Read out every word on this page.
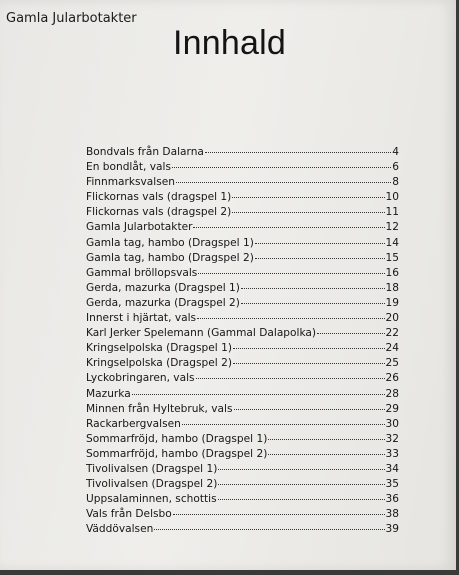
Gamla Jularbotakter
Innhald
Bondvals från Dalarna	4
En bondlåt, vals	6
Finnmarksvalsen	8
Flickornas vals (dragspel 1)	10
Flickornas vals (dragspel 2)	11
Gamla Jularbotakter	12
Gamla tag, hambo (Dragspel 1)	14
Gamla tag, hambo (Dragspel 2)	15
Gammal bröllopsvals	16
Gerda, mazurka (Dragspel 1)	18
Gerda, mazurka (Dragspel 2)	19
Innerst i hjärtat, vals	20
Karl Jerker Spelemann (Gammal Dalapolka)	22
Kringselpolska (Dragspel 1)	24
Kringselpolska (Dragspel 2)	25
Lyckobringaren, vals	26
Mazurka	28
Minnen från Hyltebruk, vals	29
Rackarbergvalsen	30
Sommarfröjd, hambo (Dragspel 1)	32
Sommarfröjd, hambo (Dragspel 2)	33
Tivolivalsen (Dragspel 1)	34
Tivolivalsen (Dragspel 2)	35
Uppsalaminnen, schottis	36
Vals från Delsbo	38
Väddövalsen	39
